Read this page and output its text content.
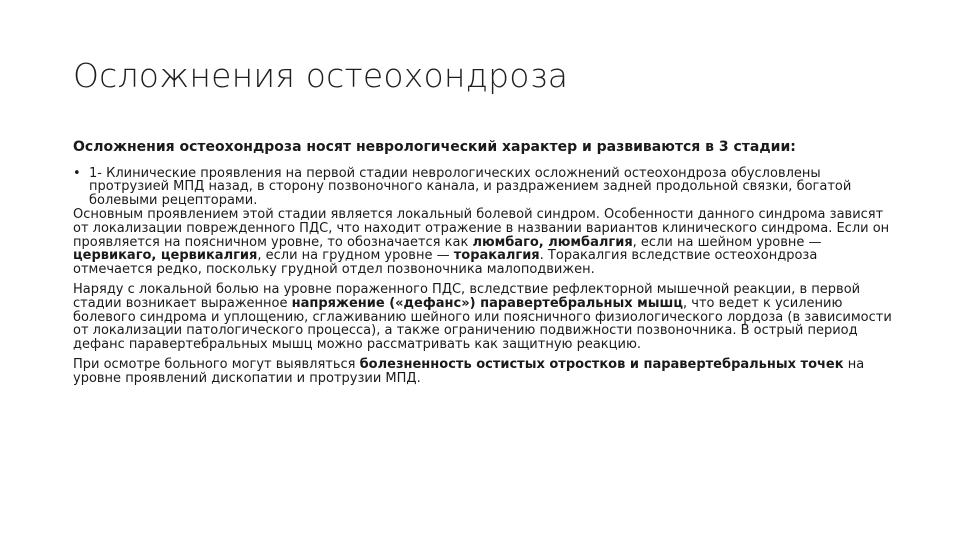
Осложнения остеохондроза

Осложнения остеохондроза носят неврологический характер и развиваются в 3 стадии:

• 1- Клинические проявления на первой стадии неврологических осложнений остеохондроза обусловлены протрузией МПД назад, в сторону позвоночного канала, и раздражением задней продольной связки, богатой болевыми рецепторами.

Основным проявлением этой стадии является локальный болевой синдром. Особенности данного синдрома зависят от локализации поврежденного ПДС, что находит отражение в названии вариантов клинического синдрома. Если он проявляется на поясничном уровне, то обозначается как люмбаго, люмбалгия, если на шейном уровне — цервикаго, цервикалгия, если на грудном уровне — торакалгия. Торакалгия вследствие остеохондроза отмечается редко, поскольку грудной отдел позвоночника малоподвижен.

Наряду с локальной болью на уровне пораженного ПДС, вследствие рефлекторной мышечной реакции, в первой стадии возникает выраженное напряжение («дефанс») паравертебральных мышц, что ведет к усилению болевого синдрома и уплощению, сглаживанию шейного или поясничного физиологического лордоза (в зависимости от локализации патологического процесса), а также ограничению подвижности позвоночника. В острый период дефанс паравертебральных мышц можно рассматривать как защитную реакцию.

При осмотре больного могут выявляться болезненность остистых отростков и паравертебральных точек на уровне проявлений дископатии и протрузии МПД.
